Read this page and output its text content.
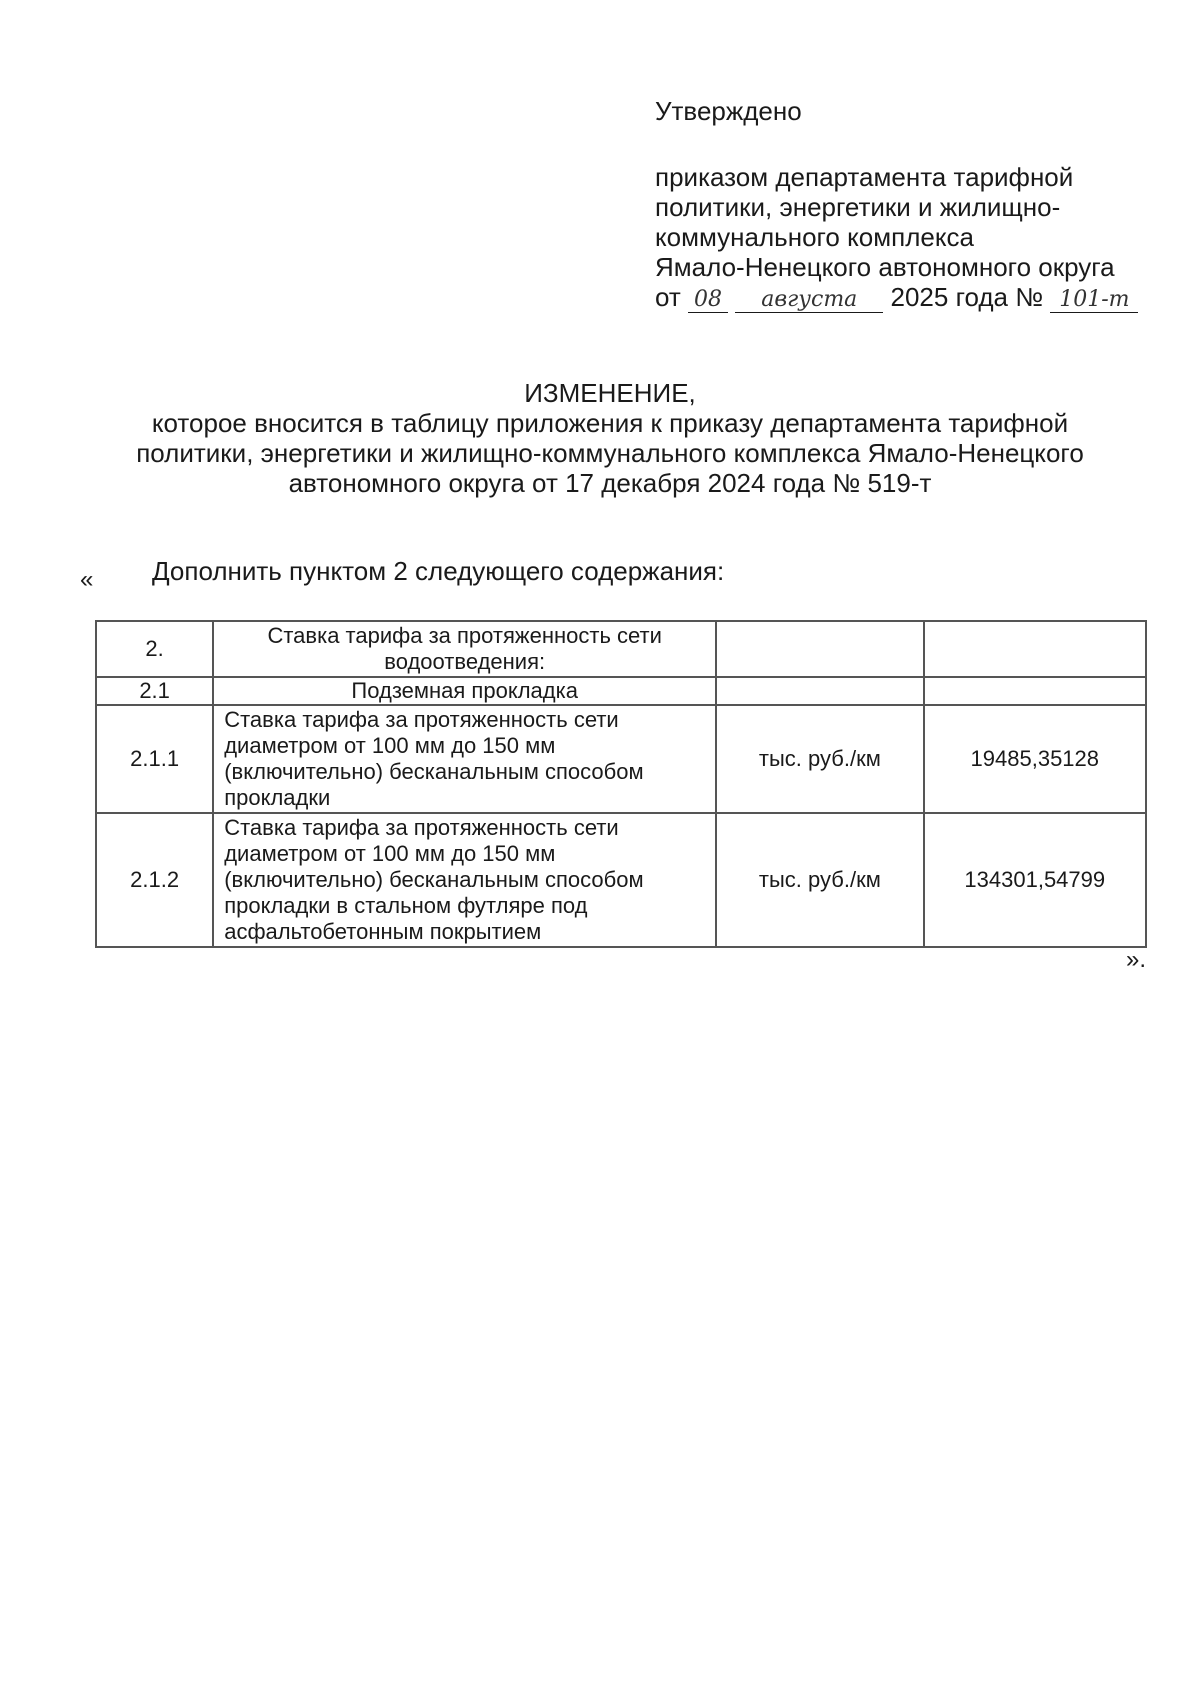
Утверждено

приказом департамента тарифной

политики, энергетики и жилищно-

коммунального комплекса

Ямало-Ненецкого автономного округа

от 08 августа 2025 года № 101-т

ИЗМЕНЕНИЕ,

которое вносится в таблицу приложения к приказу департамента тарифной

политики, энергетики и жилищно-коммунального комплекса Ямало-Ненецкого

автономного округа от 17 декабря 2024 года № 519-т

Дополнить пунктом 2 следующего содержания:

«
2.	Ставка тарифа за протяженность сети водоотведения:		
2.1	Подземная прокладка		
2.1.1	Ставка тарифа за протяженность сети диаметром от 100 мм до 150 мм (включительно) бесканальным способом прокладки	тыс. руб./км	19485,35128
2.1.2	Ставка тарифа за протяженность сети диаметром от 100 мм до 150 мм (включительно) бесканальным способом прокладки в стальном футляре под асфальтобетонным покрытием	тыс. руб./км	134301,54799
».
